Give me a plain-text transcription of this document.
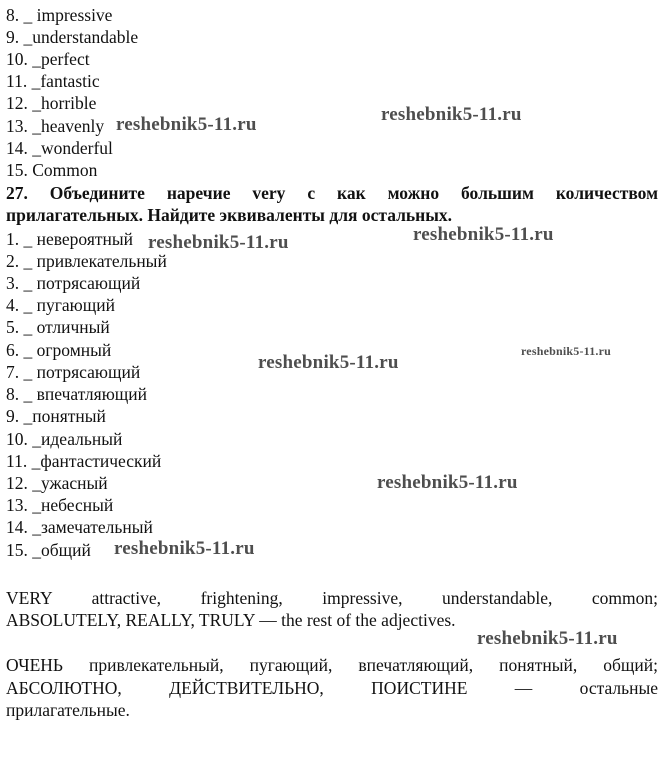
8. _ impressive
9. _understandable
10. _perfect
11. _fantastic
12. _horrible
13. _heavenly
14. _wonderful
15. Common
27. Объедините наречие very с как можно большим количеством
прилагательных. Найдите эквиваленты для остальных.
1. _ невероятный
2. _ привлекательный
3. _ потрясающий
4. _ пугающий
5. _ отличный
6. _ огромный
7. _ потрясающий
8. _ впечатляющий
9. _понятный
10. _идеальный
11. _фантастический
12. _ужасный
13. _небесный
14. _замечательный
15. _общий
VERY attractive, frightening, impressive, understandable, common;
ABSOLUTELY, REALLY, TRULY — the rest of the adjectives.
ОЧЕНЬ привлекательный, пугающий, впечатляющий, понятный, общий;
АБСОЛЮТНО, ДЕЙСТВИТЕЛЬНО, ПОИСТИНЕ — остальные
прилагательные.
reshebnik5-11.ru	reshebnik5-11.ru
reshebnik5-11.ru	reshebnik5-11.ru
reshebnik5-11.ru
reshebnik5-11.ru
reshebnik5-11.ru
reshebnik5-11.ru
reshebnik5-11.ru
